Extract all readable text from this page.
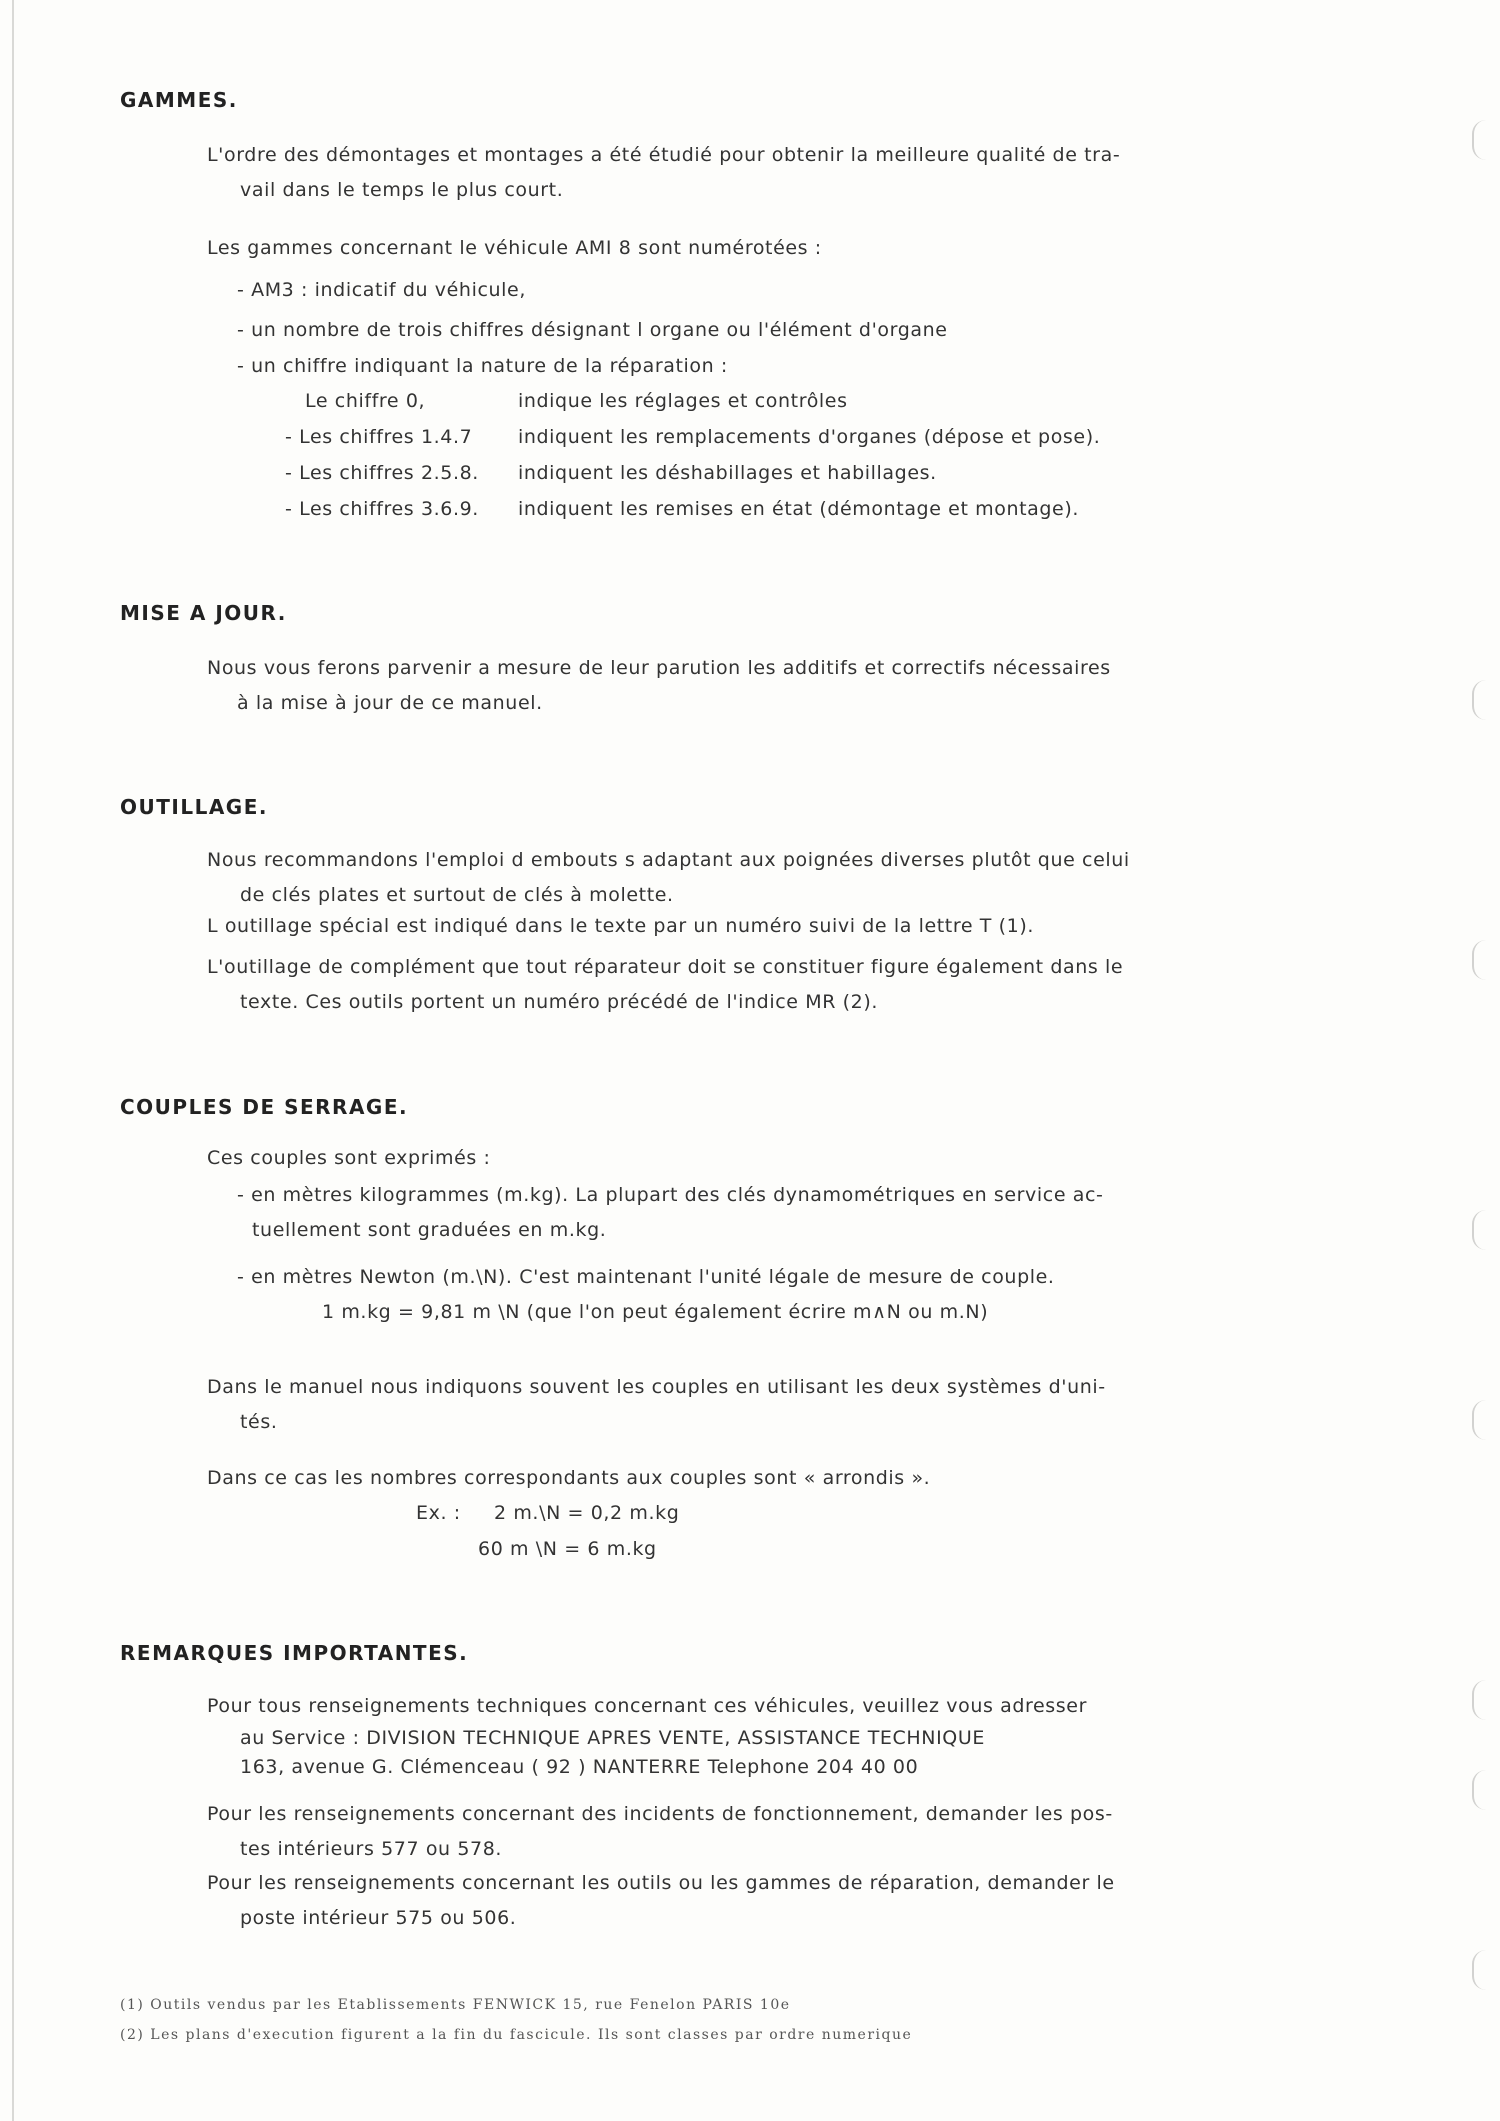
GAMMES.
L'ordre des démontages et montages a été étudié pour obtenir la meilleure qualité de tra-
vail dans le temps le plus court.
Les gammes concernant le véhicule AMI 8 sont numérotées :
- AM3 : indicatif du véhicule,
- un nombre de trois chiffres désignant l organe ou l'élément d'organe
- un chiffre indiquant la nature de la réparation :
Le chiffre 0,	indique les réglages et contrôles
- Les chiffres 1.4.7 indiquent les remplacements d'organes (dépose et pose).
- Les chiffres 2.5.8. indiquent les déshabillages et habillages.
- Les chiffres 3.6.9. indiquent les remises en état (démontage et montage).
MISE A JOUR.
Nous vous ferons parvenir a mesure de leur parution les additifs et correctifs nécessaires
à la mise à jour de ce manuel.
OUTILLAGE.
Nous recommandons l'emploi d embouts s adaptant aux poignées diverses plutôt que celui
de clés plates et surtout de clés à molette.
L outillage spécial est indiqué dans le texte par un numéro suivi de la lettre T (1).
L'outillage de complément que tout réparateur doit se constituer figure également dans le
texte. Ces outils portent un numéro précédé de l'indice MR (2).
COUPLES DE SERRAGE.
Ces couples sont exprimés :
- en mètres kilogrammes (m.kg). La plupart des clés dynamométriques en service ac-
tuellement sont graduées en m.kg.
- en mètres Newton (m.\N). C'est maintenant l'unité légale de mesure de couple.
1 m.kg = 9,81 m \N (que l'on peut également écrire m∧N ou m.N)
Dans le manuel nous indiquons souvent les couples en utilisant les deux systèmes d'uni-
tés.
Dans ce cas les nombres correspondants aux couples sont « arrondis ».
Ex. : 2 m.\N = 0,2 m.kg
60 m \N = 6 m.kg
REMARQUES IMPORTANTES.
Pour tous renseignements techniques concernant ces véhicules, veuillez vous adresser
au Service : DIVISION TECHNIQUE APRES VENTE, ASSISTANCE TECHNIQUE
163, avenue G. Clémenceau ( 92 ) NANTERRE Telephone 204 40 00
Pour les renseignements concernant des incidents de fonctionnement, demander les pos-
tes intérieurs 577 ou 578.
Pour les renseignements concernant les outils ou les gammes de réparation, demander le
poste intérieur 575 ou 506.
(1) Outils vendus par les Etablissements FENWICK 15, rue Fenelon PARIS 10e
(2) Les plans d'execution figurent a la fin du fascicule. Ils sont classes par ordre numerique
